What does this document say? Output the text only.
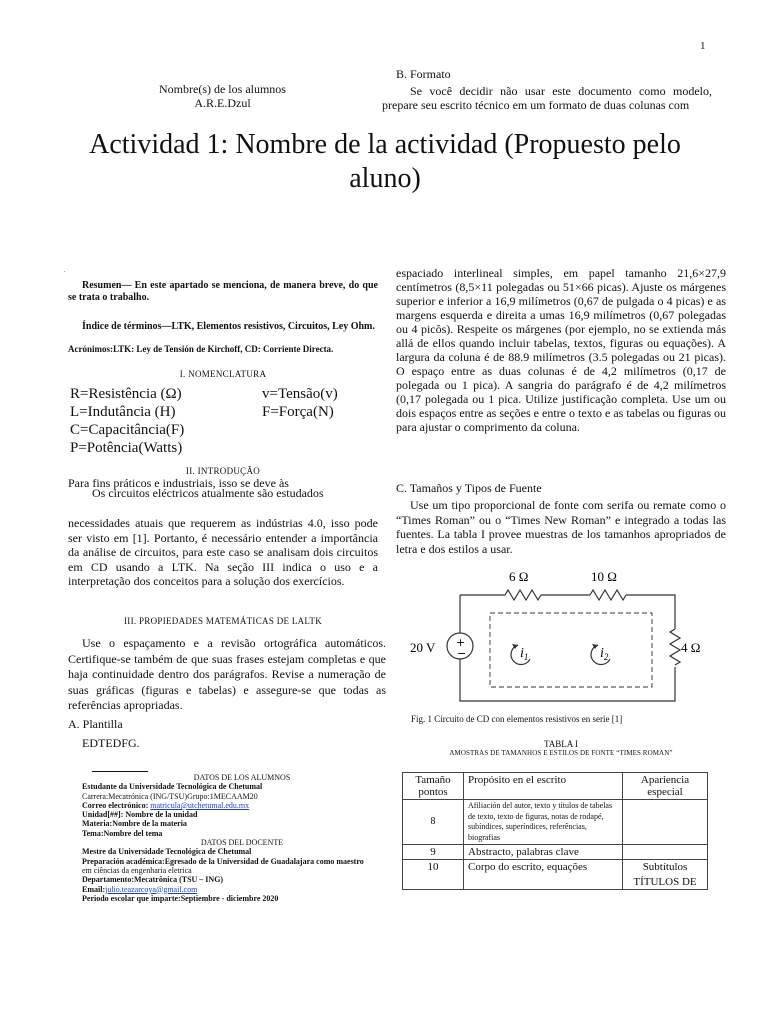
1
Nombre(s) de los alumnos
A.R.E.Dzul
B. Formato
Se você decidir não usar este documento como modelo, prepare seu escrito técnico em um formato de duas colunas com
Actividad 1: Nombre de la actividad (Propuesto pelo aluno)
.
Resumen— En este apartado se menciona, de manera breve, do que se trata o trabalho.
Índice de términos—LTK, Elementos resistivos, Circuitos, Ley Ohm.
Acrónimos:LTK: Ley de Tensión de Kirchoff, CD: Corriente Directa.
I. NOMENCLATURA
R=Resistência (Ω)	v=Tensão(v)
L=Indutância (H)	F=Força(N)
C=Capacitância(F)	
P=Potência(Watts)	
II. INTRODUÇÃO
Para fins práticos e industriais, isso se deve às
Os circuitos eléctricos atualmente são estudados
necessidades atuais que requerem as indústrias 4.0, isso pode ser visto em [1]. Portanto, é necessário entender a importância da análise de circuitos, para este caso se analisam dois circuitos em CD usando a LTK. Na seção III indica o uso e a interpretação dos conceitos para a solução dos exercícios.
III. PROPIEDADES MATEMÁTICAS DE LALTK
Use o espaçamento e a revisão ortográfica automáticos. Certifique-se também de que suas frases estejam completas e que haja continuidade dentro dos parágrafos. Revise a numeração de suas gráficas (figuras e tabelas) e assegure-se que todas as referências apropriadas.
A. Plantilla
EDTEDFG.
DATOS DE LOS ALUMNOS
Estudante da Universidade Tecnológica de Chetumal
Carrera:Mecatrónica (ING/TSU)Grupo:1MECAAM20
Correo electrónico: matricula@utchetumal.edu.mx
Unidad[##]: Nombre de la unidad
Materia:Nombre de la materia
Tema:Nombre del tema
DATOS DEL DOCENTE
Mestre da Universidade Tecnológica de Chetumal
Preparación académica:Egresado de la Universidad de Guadalajara como maestro
em ciências da engenharia eletrica
Departamento:Mecatrônica (TSU – ING)
Email:julio.teazarcoya@gmail.com
Periodo escolar que imparte:Septiembre - diciembre 2020
espaciado interlineal simples, em papel tamanho 21,6×27,9 centímetros (8,5×11 polegadas ou 51×66 picas). Ajuste os márgenes superior e inferior a 16,9 milímetros (0,67 de pulgada o 4 picas) e as margens esquerda e direita a umas 16,9 milímetros (0,67 polegadas ou 4 picôs). Respeite os márgenes (por ejemplo, no se extienda más allá de ellos quando incluir tabelas, textos, figuras ou equações). A largura da coluna é de 88.9 milímetros (3.5 polegadas ou 21 picas). O espaço entre as duas colunas é de 4,2 milímetros (0,17 de polegada ou 1 pica). A sangria do parágrafo é de 4,2 milímetros (0,17 polegada ou 1 pica. Utilize justificação completa. Use um ou dois espaços entre as seções e entre o texto e as tabelas ou figuras ou para ajustar o comprimento da coluna.
C. Tamaños y Tipos de Fuente
Use um tipo proporcional de fonte com serifa ou remate como o “Times Roman” ou o “Times New Roman” e integrado a todas las fuentes. La tabla I provee muestras de los tamanhos apropriados de letra e dos estilos a usar.
+
−
6 Ω	10 Ω
4 Ω
20 V	$i_1$	$i_2$
Fig. 1 Circuito de CD con elementos resistivos en serie [1]
TABLA I
AMOSTRAS DE TAMANHOS E ESTILOS DE FONTE “TIMES ROMAN”
Tamaño pontos	Propósito en el escrito	Apariencia especial
8	Afiliación del autor, texto y títulos de tabelas de texto, texto de figuras, notas de rodapé, subíndices, superíndices, referências, biografias	
9	Abstracto, palabras clave	
10	Corpo do escrito, equações	Subtítulos
TÍTULOS DE
